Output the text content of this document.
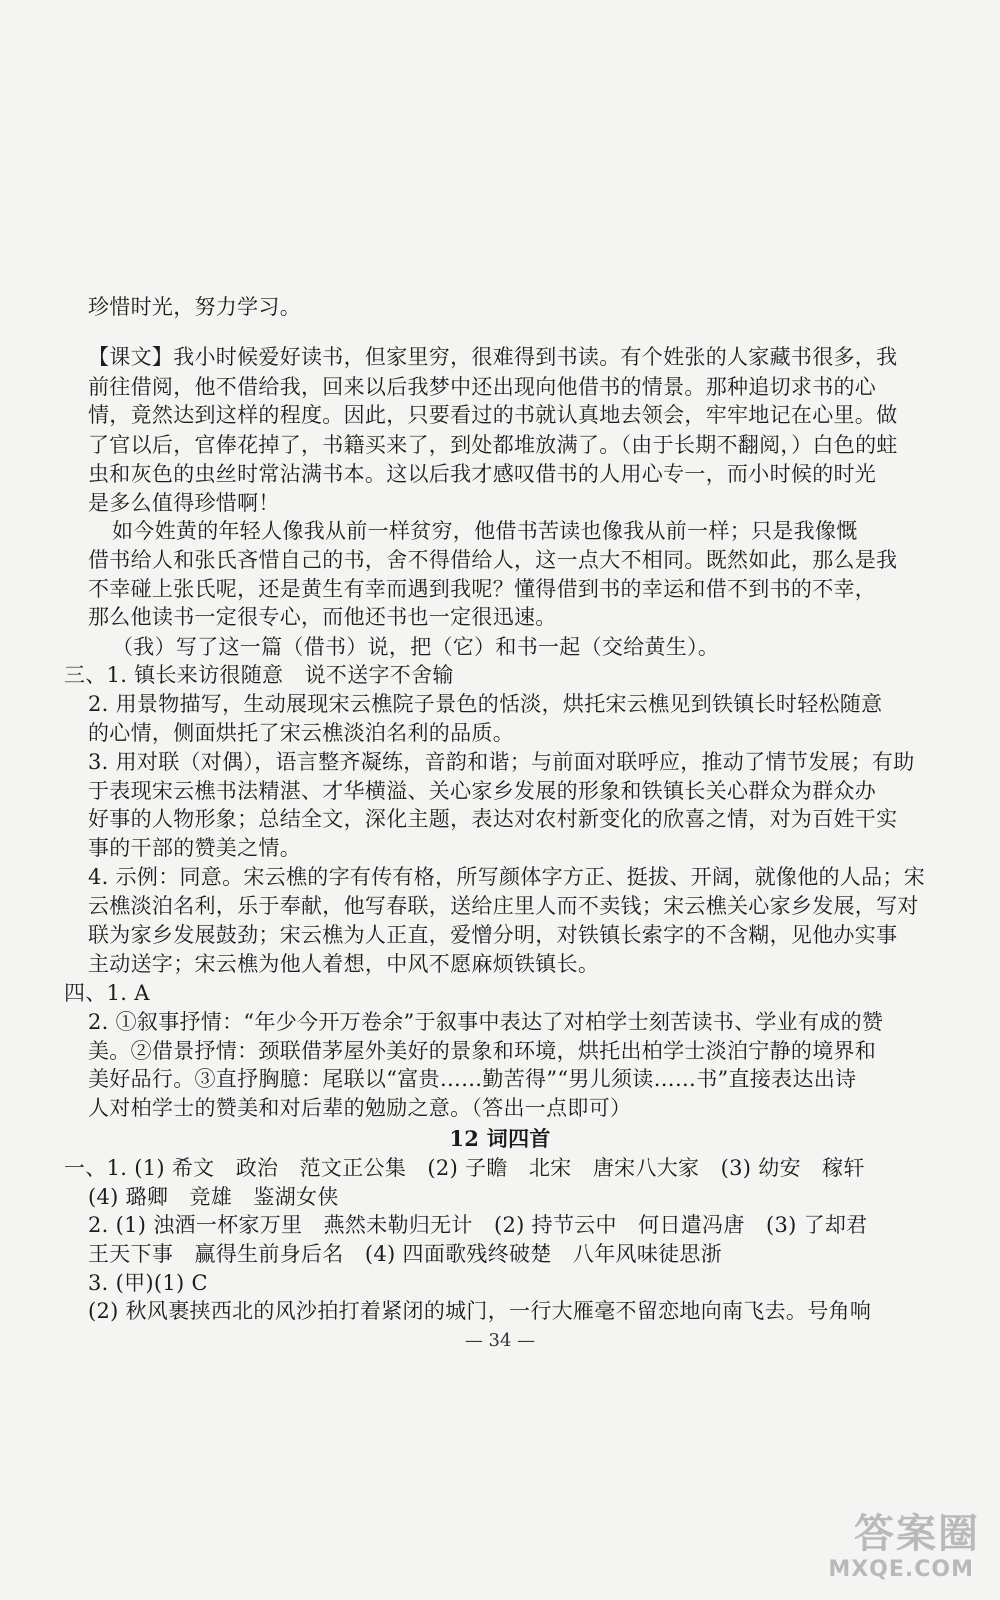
珍惜时光，努力学习。
【课文】我小时候爱好读书，但家里穷，很难得到书读。有个姓张的人家藏书很多，我
前往借阅，他不借给我，回来以后我梦中还出现向他借书的情景。那种追切求书的心
情，竟然达到这样的程度。因此，只要看过的书就认真地去领会，牢牢地记在心里。做
了官以后，官俸花掉了，书籍买来了，到处都堆放满了。（由于长期不翻阅，）白色的蛀
虫和灰色的虫丝时常沾满书本。这以后我才感叹借书的人用心专一，而小时候的时光
是多么值得珍惜啊！
如今姓黄的年轻人像我从前一样贫穷，他借书苦读也像我从前一样；只是我像慨
借书给人和张氏吝惜自己的书，舍不得借给人，这一点大不相同。既然如此，那么是我
不幸碰上张氏呢，还是黄生有幸而遇到我呢？懂得借到书的幸运和借不到书的不幸，
那么他读书一定很专心，而他还书也一定很迅速。
（我）写了这一篇（借书）说，把（它）和书一起（交给黄生）。
三、1. 镇长来访很随意　说不送字不舍输
2. 用景物描写，生动展现宋云樵院子景色的恬淡，烘托宋云樵见到铁镇长时轻松随意
的心情，侧面烘托了宋云樵淡泊名利的品质。
3. 用对联（对偶），语言整齐凝练，音韵和谐；与前面对联呼应，推动了情节发展；有助
于表现宋云樵书法精湛、才华横溢、关心家乡发展的形象和铁镇长关心群众为群众办
好事的人物形象；总结全文，深化主题，表达对农村新变化的欣喜之情，对为百姓干实
事的干部的赞美之情。
4. 示例：同意。宋云樵的字有传有格，所写颜体字方正、挺拔、开阔，就像他的人品；宋
云樵淡泊名利，乐于奉献，他写春联，送给庄里人而不卖钱；宋云樵关心家乡发展，写对
联为家乡发展鼓劲；宋云樵为人正直，爱憎分明，对铁镇长索字的不含糊，见他办实事
主动送字；宋云樵为他人着想，中风不愿麻烦铁镇长。
四、1. A
2. ①叙事抒情：“年少今开万卷余”于叙事中表达了对柏学士刻苦读书、学业有成的赞
美。②借景抒情：颈联借茅屋外美好的景象和环境，烘托出柏学士淡泊宁静的境界和
美好品行。③直抒胸臆：尾联以“富贵……勤苦得”“男儿须读……书”直接表达出诗
人对柏学士的赞美和对后辈的勉励之意。（答出一点即可）
12 词四首
一、1. (1) 希文　政治　范文正公集　(2) 子瞻　北宋　唐宋八大家　(3) 幼安　稼轩
(4) 璐卿　竞雄　鉴湖女侠
2. (1) 浊酒一杯家万里　燕然未勒归无计　(2) 持节云中　何日遣冯唐　(3) 了却君
王天下事　赢得生前身后名　(4) 四面歌残终破楚　八年风味徒思浙
3. (甲)(1) C
(2) 秋风裹挟西北的风沙拍打着紧闭的城门，一行大雁毫不留恋地向南飞去。号角响
— 34 —
答案圈
MXQE.COM
